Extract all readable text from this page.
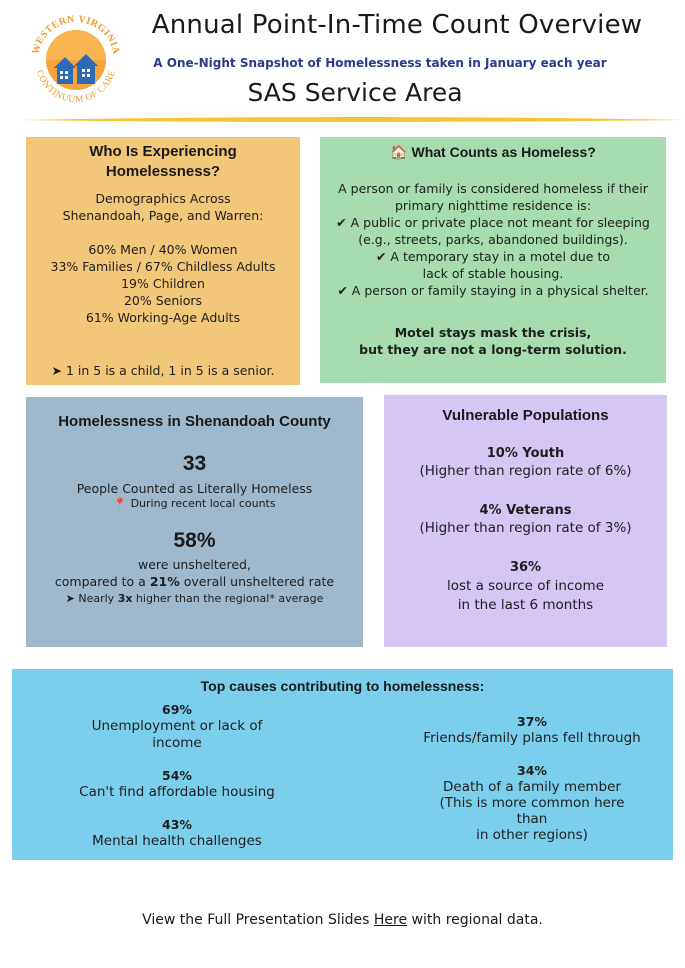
WESTERN VIRGINIA
CONTINUUM OF CARE
Annual Point-In-Time Count Overview
A One-Night Snapshot of Homelessness taken in January each year
SAS Service Area
Who Is Experiencing
Homelessness?
Demographics Across
Shenandoah, Page, and Warren:
60% Men / 40% Women
33% Families / 67% Childless Adults
19% Children
20% Seniors
61% Working-Age Adults
➤ 1 in 5 is a child, 1 in 5 is a senior.
🏠 What Counts as Homeless?
A person or family is considered homeless if their
primary nighttime residence is:
✔ A public or private place not meant for sleeping
(e.g., streets, parks, abandoned buildings).
✔ A temporary stay in a motel due to
lack of stable housing.
✔ A person or family staying in a physical shelter.
Motel stays mask the crisis,
but they are not a long-term solution.
Homelessness in Shenandoah County
33
People Counted as Literally Homeless
📍 During recent local counts
58%
were unsheltered,
compared to a 21% overall unsheltered rate
➤ Nearly 3x higher than the regional* average
Vulnerable Populations
10% Youth
(Higher than region rate of 6%)
4% Veterans
(Higher than region rate of 3%)
36%
lost a source of income
in the last 6 months
Top causes contributing to homelessness:
69%
Unemployment or lack of
income
54%
Can't find affordable housing
43%
Mental health challenges
37%
Friends/family plans fell through
34%
Death of a family member
(This is more common here
than
in other regions)
View the Full Presentation Slides Here with regional data.
